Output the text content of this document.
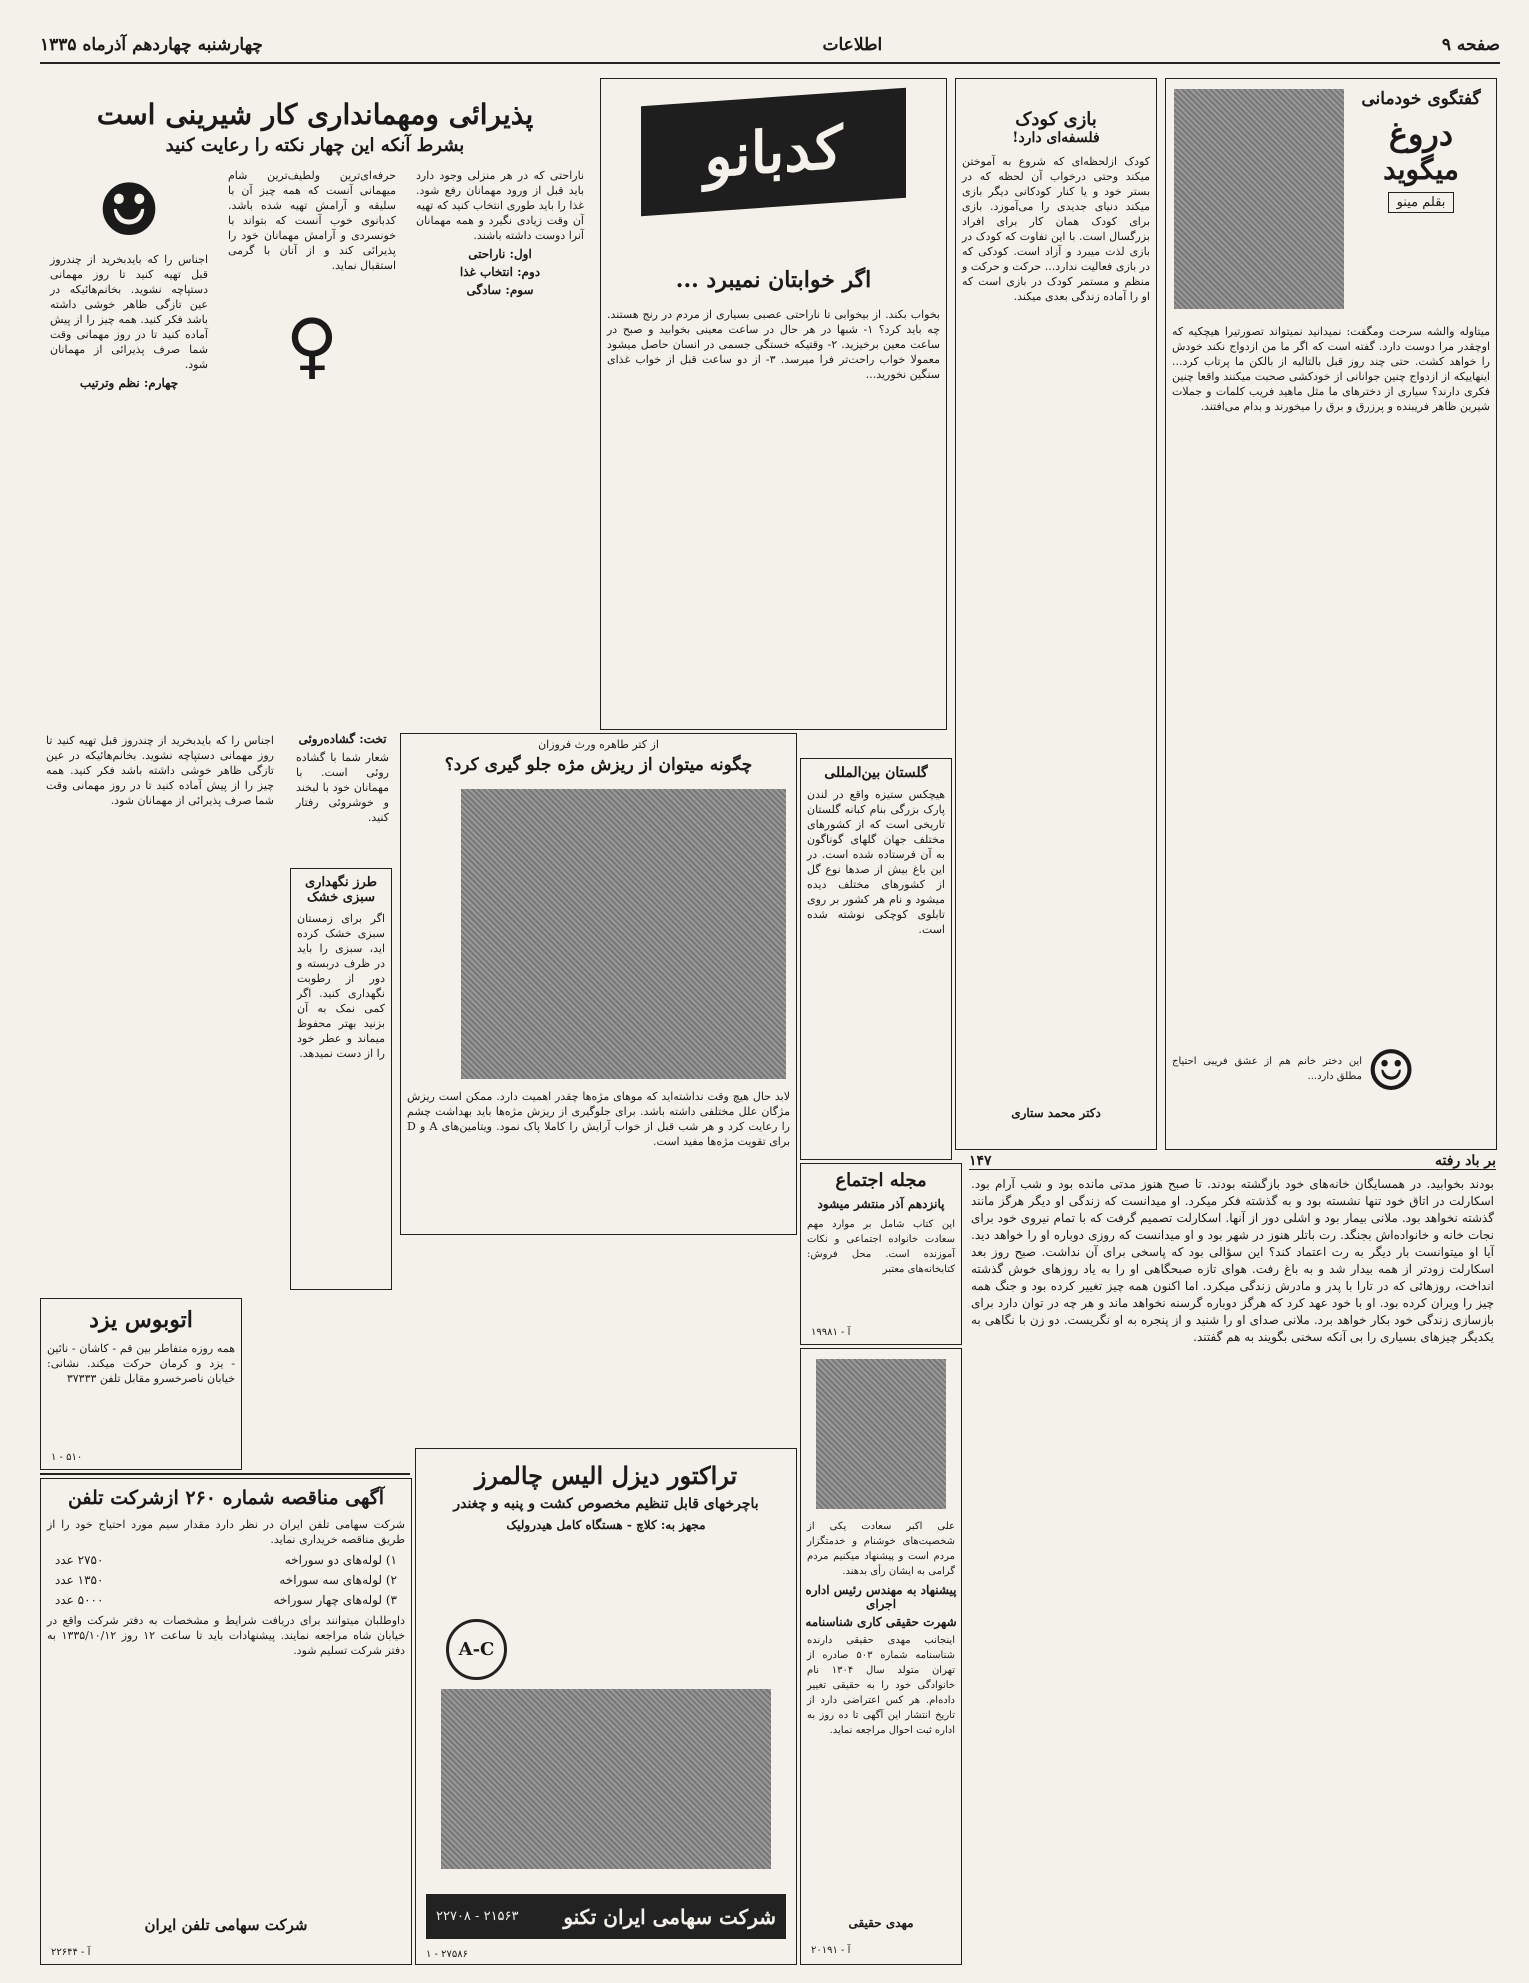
صفحه ۹
اطلاعات
چهارشنبه چهاردهم آذرماه ۱۳۳۵
گفتگوی خودمانی
دروغ
میگوید
بقلم مینو
میتاوله والشه سرحت ومگفت: نمیدانید نمیتواند تصورتیرا هیچکیه که اوچقدر مرا دوست دارد. گفته است که اگر ما من ازدواج نکند خودش را خواهد کشت. حتی چند روز قبل بالتالیه از بالکن ما پرتاب کرد... اینهاییکه از ازدواج چنین جوانانی از خودکشی صحبت میکنند واقعا چنین فکری دارند؟ سیاری از دختر‌های ما مثل ماهید فریب کلمات و جملات شیرین ظاهر فریبنده و پرزرق و برق را میخورند و بدام می‌افتند.
☺
این دختر خانم هم از عشق فریبی احتیاج مطلق دارد...
بازی کودک
فلسفه‌ای دارد!
کودک ازلحظه‌ای که شروع به آموختن میکند وحتی درخواب آن لحظه که در بستر خود و یا کنار کودکانی دیگر بازی میکند دنیای جدیدی را می‌آموزد. بازی برای کودک همان کار برای افراد بزرگسال است. با این تفاوت که کودک در بازی لذت میبرد و آزاد است. کودکی که در بازی فعالیت ندارد... حرکت و حرکت و منظم و مستمر کودک در بازی است که او را آماده زندگی بعدی میکند.
دکتر محمد ستاری
کدبانو
اگر خوابتان نمیبرد ...
بخواب بکند. از بیخوابی تا ناراحتی عصبی بسیاری از مردم در رنج هستند. چه باید کرد؟ ۱- شبها در هر حال در ساعت معینی بخوابید و صبح در ساعت معین برخیزید. ۲- وقتیکه خستگی جسمی در انسان حاصل میشود معمولا خواب راحت‌تر فرا میرسد. ۳- از دو ساعت قبل از خواب غذای سنگین نخورید...
پذیرائی ومهمانداری کار شیرینی است
بشرط آنکه این چهار نکته را رعایت کنید
ناراحتی که در هر منزلی وجود دارد باید قبل از ورود مهمانان رفع شود. غذا را باید طوری انتخاب کنید که تهیه آن وقت زیادی نگیرد و همه مهمانان آنرا دوست داشته باشند.
اول: ناراحتی
دوم: انتخاب غذا
سوم: سادگی
حرفه‌ای‌ترین ولطیف‌ترین شام میهمانی آنست که همه چیز آن با سلیقه و آرامش تهیه شده باشد. کدبانوی خوب آنست که بتواند با خونسردی و آرامش مهمانان خود را پذیرائی کند و از آنان با گرمی استقبال نماید.
♀
☻
اجناس را که بایدبخرید از چندروز قبل تهیه کنید تا روز مهمانی دستپاچه نشوید. بخانم‌هائیکه در عین تازگی ظاهر خوشی داشته باشد فکر کنید. همه چیز را از پیش آماده کنید تا در روز مهمانی وقت شما صرف پذیرائی از مهمانان شود.
چهارم: نظم وترتیب
از کتر طاهره ورث فروزان
چگونه میتوان از ریزش مژه جلو گیری کرد؟
لابد حال هیچ وقت نداشته‌اید که موهای مژه‌ها چقدر اهمیت دارد. ممکن است ریزش مژگان علل مختلفی داشته باشد. برای جلوگیری از ریزش مژه‌ها باید بهداشت چشم را رعایت کرد و هر شب قبل از خواب آرایش را کاملا پاک نمود. ویتامین‌های A و D برای تقویت مژه‌ها مفید است.
گلستان بین‌المللی
هیچکس ستیزه واقع در لندن پارک بزرگی بنام کبانه گلستان تاریخی است که از کشورهای مختلف جهان گلهای گوناگون به آن فرستاده شده است. در این باغ بیش از صدها نوع گل از کشورهای مختلف دیده میشود و نام هر کشور بر روی تابلوی کوچکی نوشته شده است.
طرز نگهداری سبزی خشک
اگر برای زمستان سبزی خشک کرده اید، سبزی را باید در ظرف دربسته و دور از رطوبت نگهداری کنید. اگر کمی نمک به آن بزنید بهتر محفوظ میماند و عطر خود را از دست نمیدهد.
تخت: گشاده‌روئی
شعار شما با گشاده روئی است. با مهمانان خود با لبخند و خوشروئی رفتار کنید.
اجناس را که بایدبخرید از چندروز قبل تهیه کنید تا روز مهمانی دستپاچه نشوید. بخانم‌هائیکه در عین تازگی ظاهر خوشی داشته باشد فکر کنید. همه چیز را از پیش آماده کنید تا در روز مهمانی وقت شما صرف پذیرائی از مهمانان شود.
اتوبوس یزد
همه روزه متفاطر بین قم - کاشان - نائین - یزد و کرمان حرکت میکند. نشانی: خیابان ناصرخسرو مقابل تلفن ۳۷۳۳۳
۵۱۰ - ۱
مجله اجتماع
پانزدهم آذر منتشر میشود
این کتاب شامل بر موارد مهم سعادت خانواده اجتماعی و نکات آموزنده است. محل فروش: کتابخانه‌های معتبر
آ - ۱۹۹۸۱
علی اکبر سعادت یکی از شخصیت‌های خوشنام و خدمتگزار مردم است و پیشنهاد میکنیم مردم گرامی به ایشان رأی بدهند.
پیشنهاد به مهندس رئیس اداره اجرای
شهرت حقیقی کاری شناسنامه
اینجانب مهدی حقیقی دارنده شناسنامه شماره ۵۰۳ صادره از تهران متولد سال ۱۳۰۴ نام خانوادگی خود را به حقیقی تغییر داده‌ام. هر کس اعتراضی دارد از تاریخ انتشار این آگهی تا ده روز به اداره ثبت احوال مراجعه نماید.
مهدی حقیقی
آ - ۲۰۱۹۱
بر باد رفته
۱۴۷
بودند بخوابید. در همسایگان خانه‌های خود بازگشته بودند. تا صبح هنوز مدتی مانده بود و شب آرام بود. اسکارلت در اتاق خود تنها نشسته بود و به گذشته فکر میکرد. او میدانست که زندگی او دیگر هرگز مانند گذشته نخواهد بود. ملانی بیمار بود و اشلی دور از آنها. اسکارلت تصمیم گرفت که با تمام نیروی خود برای نجات خانه و خانواده‌اش بجنگد. رت باتلر هنوز در شهر بود و او میدانست که روزی دوباره او را خواهد دید. آیا او میتوانست بار دیگر به رت اعتماد کند؟ این سؤالی بود که پاسخی برای آن نداشت. صبح روز بعد اسکارلت زودتر از همه بیدار شد و به باغ رفت. هوای تازه صبحگاهی او را به یاد روزهای خوش گذشته انداخت، روزهائی که در تارا با پدر و مادرش زندگی میکرد. اما اکنون همه چیز تغییر کرده بود و جنگ همه چیز را ویران کرده بود. او با خود عهد کرد که هرگز دوباره گرسنه نخواهد ماند و هر چه در توان دارد برای بازسازی زندگی خود بکار خواهد برد. ملانی صدای او را شنید و از پنجره به او نگریست. دو زن با نگاهی به یکدیگر چیزهای بسیاری را بی آنکه سخنی بگویند به هم گفتند.
تراکتور دیزل الیس چالمرز
باچرخهای قابل تنظیم مخصوص کشت و پنبه و چغندر
مجهز به: کلاچ - هستگاه کامل هیدرولیک
A-C
شرکت سهامی ایران تکنو
۲۱۵۶۳ - ۲۲۷۰۸
۲۷۵۸۶ - ۱
آگهی مناقصه شماره ۲۶۰ ازشرکت تلفن
شرکت سهامی تلفن ایران در نظر دارد مقدار سیم مورد احتیاج خود را از طریق مناقصه خریداری نماید.
۱) لوله‌های دو سوراخه
۲۷۵۰ عدد
۲) لوله‌های سه سوراخه
۱۳۵۰ عدد
۳) لوله‌های چهار سوراخه
۵۰۰۰ عدد
داوطلبان میتوانند برای دریافت شرایط و مشخصات به دفتر شرکت واقع در خیابان شاه مراجعه نمایند. پیشنهادات باید تا ساعت ۱۲ روز ۱۳۳۵/۱۰/۱۲ به دفتر شرکت تسلیم شود.
شرکت سهامی تلفن ایران
آ - ۲۲۶۴۴
